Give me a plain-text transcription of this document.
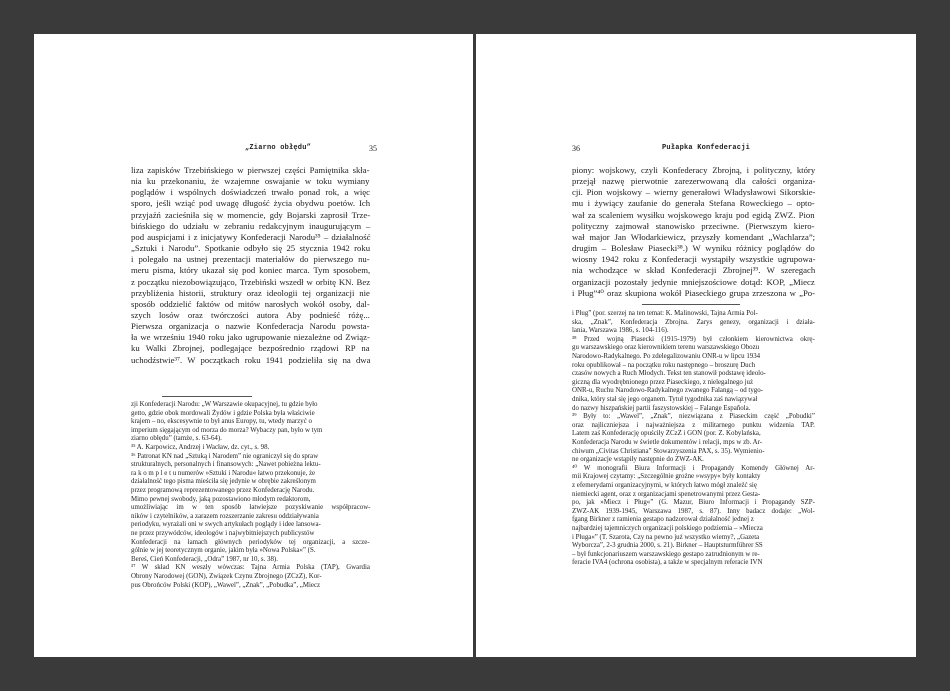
„Ziarno obłędu”	35
liza zapisków Trzebińskiego w pierwszej części Pamiętnika skła-
nia ku przekonaniu, że wzajemne oswajanie w toku wymiany
poglądów i wspólnych doświadczeń trwało ponad rok, a więc
sporo, jeśli wziąć pod uwagę długość życia obydwu poetów. Ich
przyjaźń zacieśniła się w momencie, gdy Bojarski zaprosił Trze-
bińskiego do udziału w zebraniu redakcyjnym inaugurującym –
pod auspicjami i z inicjatywy Konfederacji Narodu³⁵ – działalność
„Sztuki i Narodu”. Spotkanie odbyło się 25 stycznia 1942 roku
i polegało na ustnej prezentacji materiałów do pierwszego nu-
meru pisma, który ukazał się pod koniec marca. Tym sposobem,
z początku niezobowiązująco, Trzebiński wszedł w orbitę KN. Bez
przybliżenia historii, struktury oraz ideologii tej organizacji nie
sposób oddzielić faktów od mitów narosłych wokół osoby, dal-
szych losów oraz twórczości autora Aby podnieść różę...
Pierwsza organizacja o nazwie Konfederacja Narodu powsta-
ła we wrześniu 1940 roku jako ugrupowanie niezależne od Związ-
ku Walki Zbrojnej, podlegające bezpośrednio rządowi RP na
uchodźstwie³⁷. W początkach roku 1941 podzieliła się na dwa
zji Konfederacji Narodu: „W Warszawie okupacyjnej, tu gdzie było
getto, gdzie obok mordowali Żydów i gdzie Polska była właściwie
krajem – no, ekscesywnie to był anus Europy, tu, wtedy marzyć o
imperium sięgającym od morza do morza? Wybaczy pan, było w tym
ziarno obłędu” (tamże, s. 63-64).
³⁵ A. Karpowicz, Andrzej i Wacław, dz. cyt., s. 98.
³⁶ Patronat KN nad „Sztuką i Narodem” nie ograniczył się do spraw
strukturalnych, personalnych i finansowych: „Nawet pobieżna lektu-
ra k o m p l e t u numerów »Sztuki i Narodu« łatwo przekonuje, że
działalność tego pisma mieściła się jedynie w obrębie zakreślonym
przez programową reprezentowanego przez Konfederację Narodu.
Mimo pewnej swobody, jaką pozostawiono młodym redaktorom,
umożliwiając im w ten sposób łatwiejsze pozyskiwanie współpracow-
ników i czytelników, a zarazem rozszerzanie zakresu oddziaływania
periodyku, wyrażali oni w swych artykułach poglądy i idee lansowa-
ne przez przywódców, ideologów i najwybitniejszych publicystów
Konfederacji na łamach głównych periodyków tej organizacji, a szcze-
gólnie w jej teoretycznym organie, jakim była »Nowa Polska«” (S.
Bereś, Cień Konfederacji, „Odra” 1987, nr 10, s. 38).
³⁷ W skład KN weszły wówczas: Tajna Armia Polska (TAP), Gwardia
Obrony Narodowej (GON), Związek Czynu Zbrojnego (ZCzZ), Kor-
pus Obrońców Polski (KOP), „Wawel”, „Znak”, „Pobudka”, „Miecz
36	Pułapka Konfederacji
piony: wojskowy, czyli Konfederacy Zbrojną, i polityczny, który
przejął nazwę pierwotnie zarezerwowaną dla całości organiza-
cji. Pion wojskowy – wierny generałowi Władysławowi Sikorskie-
mu i żywiący zaufanie do generała Stefana Roweckiego – opto-
wał za scaleniem wysiłku wojskowego kraju pod egidą ZWZ. Pion
polityczny zajmował stanowisko przeciwne. (Pierwszym kiero-
wał major Jan Włodarkiewicz, przyszły komendant „Wachlarza”;
drugim – Bolesław Piasecki³⁸.) W wyniku różnicy poglądów do
wiosny 1942 roku z Konfederacji wystąpiły wszystkie ugrupowa-
nia wchodzące w skład Konfederacji Zbrojnej³⁹. W szeregach
organizacji pozostały jedynie mniejszościowe dotąd: KOP, „Miecz
i Pług”⁴⁰ oraz skupiona wokół Piaseckiego grupa zrzeszona w „Po-
i Pług” (por. szerzej na ten temat: K. Malinowski, Tajna Armia Pol-
ska, „Znak”, Konfederacja Zbrojna. Zarys genezy, organizacji i działa-
lania, Warszawa 1986, s. 104-116).
³⁸ Przed wojną Piasecki (1915-1979) był członkiem kierownictwa okrę-
gu warszawskiego oraz kierownikiem terenu warszawskiego Obozu
Narodowo-Radykalnego. Po zdelegalizowaniu ONR-u w lipcu 1934
roku opublikował – na początku roku następnego – broszurę Duch
czasów nowych a Ruch Młodych. Tekst ten stanowił podstawę ideolo-
giczną dla wyodrębnionego przez Piaseckiego, z nielegalnego już
ONR-u, Ruchu Narodowo-Radykalnego zwanego Falangą – od tygo-
dnika, który stał się jego organem. Tytuł tygodnika zaś nawiązywał
do nazwy hiszpańskiej partii faszystowskiej – Falange Española.
³⁹ Były to: „Wawel”, „Znak”, niezwiązana z Piaseckim część „Pobudki”
oraz najliczniejsza i najważniejsza z militarnego punktu widzenia TAP.
Latem zaś Konfederację opuściły ZCzZ i GON (por. Z. Kobylańska,
Konfederacja Narodu w świetle dokumentów i relacji, mps w zb. Ar-
chiwum „Civitas Christiana” Stowarzyszenia PAX, s. 35). Wymienio-
ne organizacje wstąpiły następnie do ZWZ-AK.
⁴⁰ W monografii Biura Informacji i Propagandy Komendy Głównej Ar-
mii Krajowej czytamy: „Szczególnie groźne »wsypy« były kontakty
z efemerydami organizacyjnymi, w których łatwo mógł znaleźć się
niemiecki agent, oraz z organizacjami spenetrowanymi przez Gesta-
po, jak »Miecz i Pług«” (G. Mazur, Biuro Informacji i Propagandy SZP-
ZWZ-AK 1939-1945, Warszawa 1987, s. 87). Inny badacz dodaje: „Wol-
fgang Birkner z ramienia gestapo nadzorował działalność jednej z
najbardziej tajemniczych organizacji polskiego podziemia – »Miecza
i Pługa«” (T. Szarota, Czy na pewno już wszystko wiemy?, „Gazeta
Wyborcza”, 2-3 grudnia 2000, s. 21). Birkner – Hauptsturmführer SS
– był funkcjonariuszem warszawskiego gestapo zatrudnionym w re-
feracie IVA4 (ochrona osobista), a także w specjalnym referacie IVN
